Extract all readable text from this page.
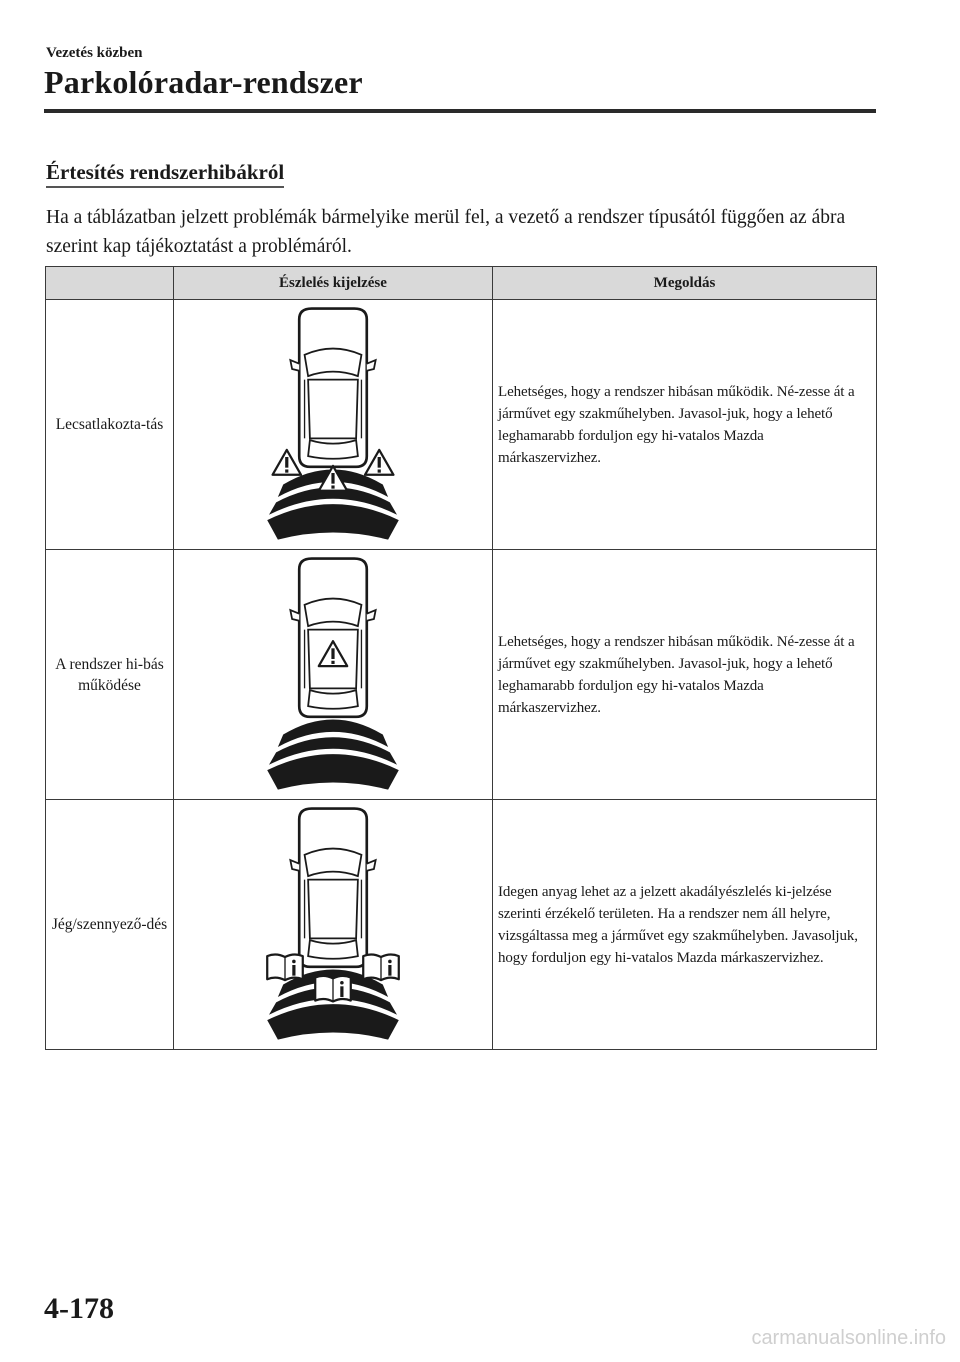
Vezetés közben
Parkolóradar-rendszer
Értesítés rendszerhibákról
Ha a táblázatban jelzett problémák bármelyike merül fel, a vezető a rendszer típusától függően az ábra szerint kap tájékoztatást a problémáról.
	Észlelés kijelzése	Megoldás
Lecsatlakozta-tás		Lehetséges, hogy a rendszer hibásan működik. Né-zesse át a járművet egy szakműhelyben. Javasol-juk, hogy a lehető leghamarabb forduljon egy hi-vatalos Mazda márkaszervizhez.
A rendszer hi-bás működése		Lehetséges, hogy a rendszer hibásan működik. Né-zesse át a járművet egy szakműhelyben. Javasol-juk, hogy a lehető leghamarabb forduljon egy hi-vatalos Mazda márkaszervizhez.
Jég/szennyező-dés		Idegen anyag lehet az a jelzett akadályészlelés ki-jelzése szerinti érzékelő területen. Ha a rendszer nem áll helyre, vizsgáltassa meg a járművet egy szakműhelyben. Javasoljuk, hogy forduljon egy hi-vatalos Mazda márkaszervizhez.
4-178
carmanualsonline.info
